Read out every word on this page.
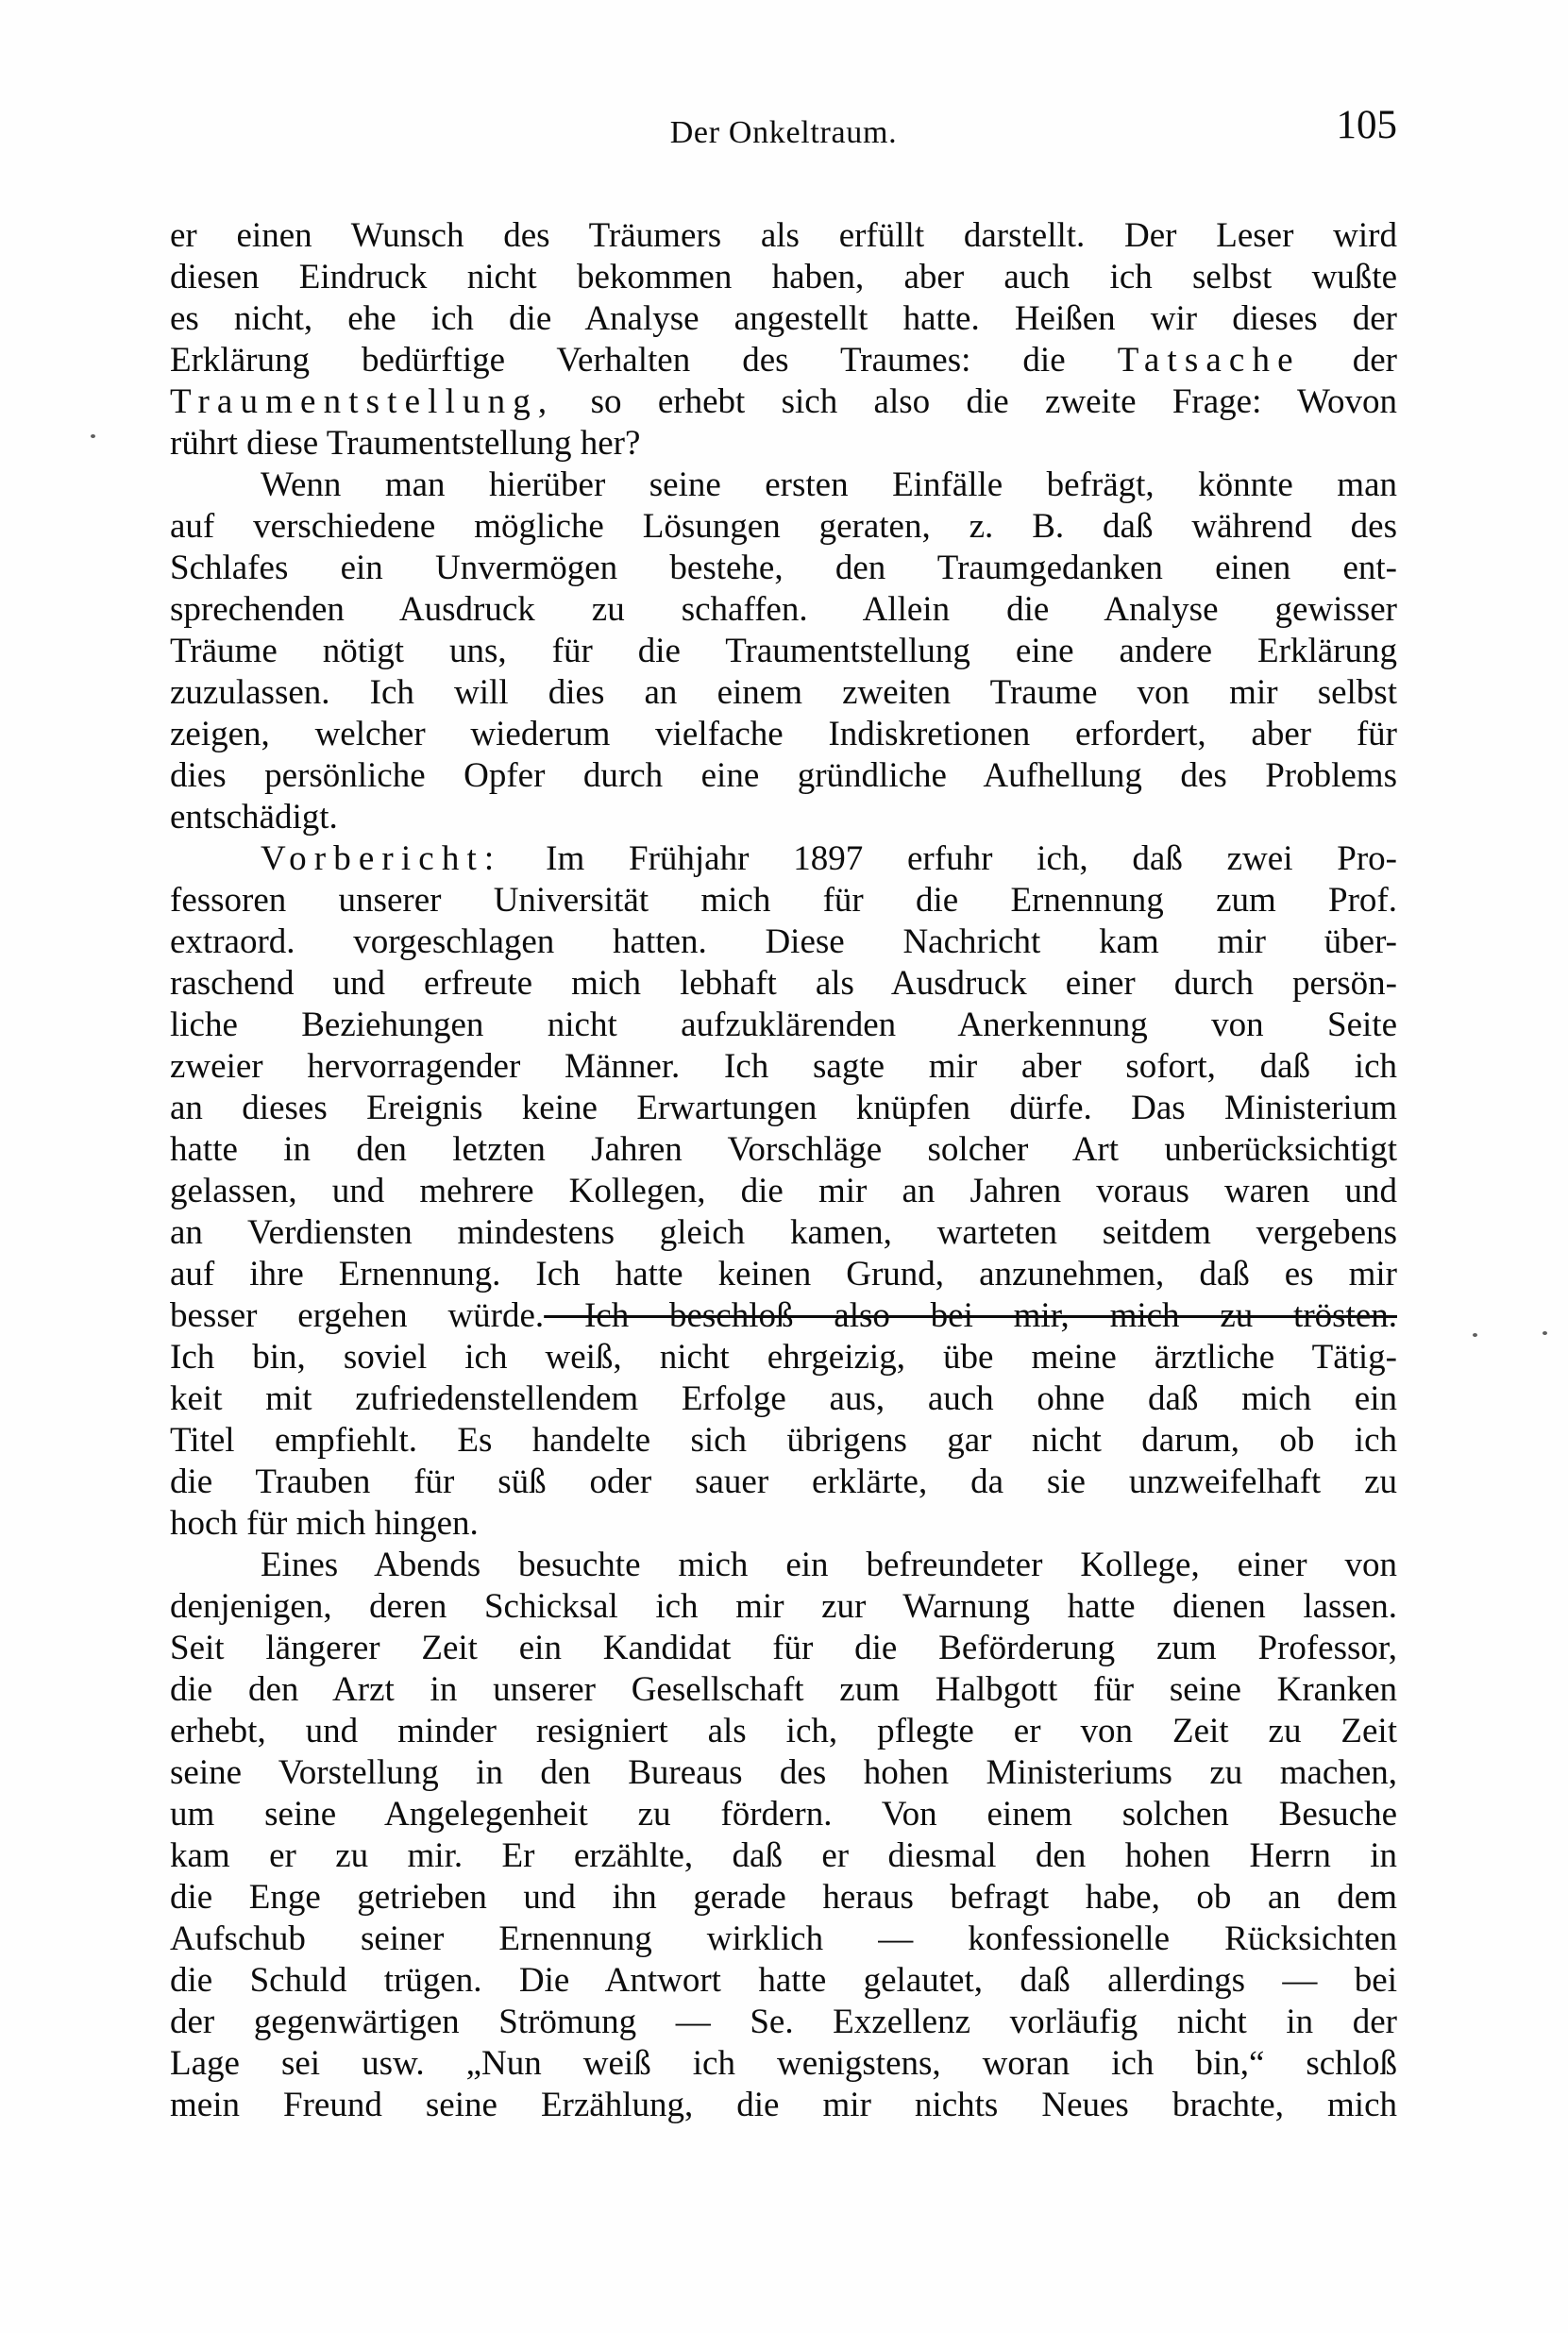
Der Onkeltraum.	105
er einen Wunsch des Träumers als erfüllt darstellt. Der Leser wird
diesen Eindruck nicht bekommen haben, aber auch ich selbst wußte
es nicht, ehe ich die Analyse angestellt hatte. Heißen wir dieses der
Erklärung bedürftige Verhalten des Traumes: die Tatsache der
Traumentstellung, so erhebt sich also die zweite Frage: Wovon
rührt diese Traumentstellung her?
Wenn man hierüber seine ersten Einfälle befrägt, könnte man
auf verschiedene mögliche Lösungen geraten, z. B. daß während des
Schlafes ein Unvermögen bestehe, den Traumgedanken einen ent-
sprechenden Ausdruck zu schaffen. Allein die Analyse gewisser
Träume nötigt uns, für die Traumentstellung eine andere Erklärung
zuzulassen. Ich will dies an einem zweiten Traume von mir selbst
zeigen, welcher wiederum vielfache Indiskretionen erfordert, aber für
dies persönliche Opfer durch eine gründliche Aufhellung des Problems
entschädigt.
Vorbericht: Im Frühjahr 1897 erfuhr ich, daß zwei Pro-
fessoren unserer Universität mich für die Ernennung zum Prof.
extraord. vorgeschlagen hatten. Diese Nachricht kam mir über-
raschend und erfreute mich lebhaft als Ausdruck einer durch persön-
liche Beziehungen nicht aufzuklärenden Anerkennung von Seite
zweier hervorragender Männer. Ich sagte mir aber sofort, daß ich
an dieses Ereignis keine Erwartungen knüpfen dürfe. Das Ministerium
hatte in den letzten Jahren Vorschläge solcher Art unberücksichtigt
gelassen, und mehrere Kollegen, die mir an Jahren voraus waren und
an Verdiensten mindestens gleich kamen, warteten seitdem vergebens
auf ihre Ernennung. Ich hatte keinen Grund, anzunehmen, daß es mir
besser ergehen würde. Ich beschloß also bei mir, mich zu trösten.
Ich bin, soviel ich weiß, nicht ehrgeizig, übe meine ärztliche Tätig-
keit mit zufriedenstellendem Erfolge aus, auch ohne daß mich ein
Titel empfiehlt. Es handelte sich übrigens gar nicht darum, ob ich
die Trauben für süß oder sauer erklärte, da sie unzweifelhaft zu
hoch für mich hingen.
Eines Abends besuchte mich ein befreundeter Kollege, einer von
denjenigen, deren Schicksal ich mir zur Warnung hatte dienen lassen.
Seit längerer Zeit ein Kandidat für die Beförderung zum Professor,
die den Arzt in unserer Gesellschaft zum Halbgott für seine Kranken
erhebt, und minder resigniert als ich, pflegte er von Zeit zu Zeit
seine Vorstellung in den Bureaus des hohen Ministeriums zu machen,
um seine Angelegenheit zu fördern. Von einem solchen Besuche
kam er zu mir. Er erzählte, daß er diesmal den hohen Herrn in
die Enge getrieben und ihn gerade heraus befragt habe, ob an dem
Aufschub seiner Ernennung wirklich — konfessionelle Rücksichten
die Schuld trügen. Die Antwort hatte gelautet, daß allerdings — bei
der gegenwärtigen Strömung — Se. Exzellenz vorläufig nicht in der
Lage sei usw. „Nun weiß ich wenigstens, woran ich bin,“ schloß
mein Freund seine Erzählung, die mir nichts Neues brachte, mich
